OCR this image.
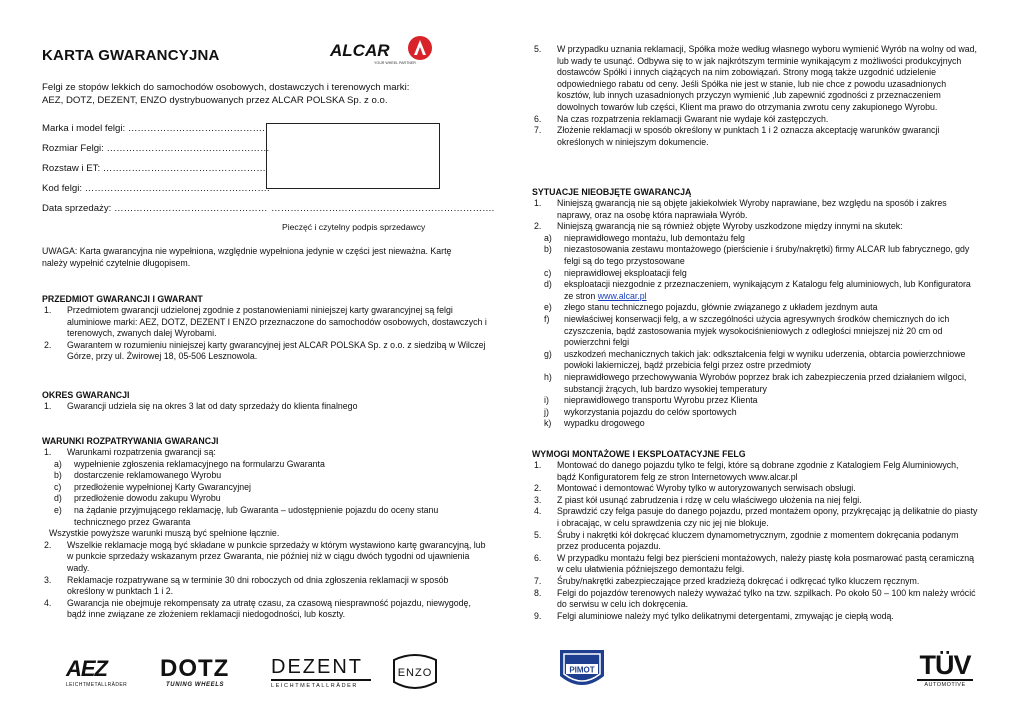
KARTA GWARANCYJNA	ALCAR
YOUR WHEEL PARTNER
Felgi ze stopów lekkich do samochodów osobowych, dostawczych i terenowych marki:
AEZ, DOTZ, DEZENT, ENZO dystrybuowanych przez ALCAR POLSKA Sp. z o.o.
Marka i model felgi: …………………………………….
Rozmiar Felgi: ……………………………………………
Rozstaw i ET: ……………………………………………
Kod felgi: ………………………………………………….
Data sprzedaży: ………………………………………… …………………………………………………………….
Pieczęć i czytelny podpis sprzedawcy
UWAGA: Karta gwarancyjna nie wypełniona, względnie wypełniona jedynie w części jest nieważna. Kartę należy wypełnić czytelnie długopisem.
PRZEDMIOT GWARANCJI I GWARANT
1. Przedmiotem gwarancji udzielonej zgodnie z postanowieniami niniejszej karty gwarancyjnej są felgi aluminiowe marki: AEZ, DOTZ, DEZENT I ENZO przeznaczone do samochodów osobowych, dostawczych i terenowych, zwanych dalej Wyrobami.
2. Gwarantem w rozumieniu niniejszej karty gwarancyjnej jest ALCAR POLSKA Sp. z o.o. z siedzibą w Wilczej Górze, przy ul. Żwirowej 18, 05-506 Lesznowola.
OKRES GWARANCJI
1. Gwarancji udziela się na okres 3 lat od daty sprzedaży do klienta finalnego
WARUNKI ROZPATRYWANIA GWARANCJI
1. Warunkami rozpatrzenia gwarancji są:
a) wypełnienie zgłoszenia reklamacyjnego na formularzu Gwaranta
b) dostarczenie reklamowanego Wyrobu
c) przedłożenie wypełnionej Karty Gwarancyjnej
d) przedłożenie dowodu zakupu Wyrobu
e) na żądanie przyjmującego reklamację, lub Gwaranta – udostępnienie pojazdu do oceny stanu technicznego przez Gwaranta
Wszystkie powyższe warunki muszą być spełnione łącznie.
2. Wszelkie reklamacje mogą być składane w punkcie sprzedaży w którym wystawiono kartę gwarancyjną, lub w punkcie sprzedaży wskazanym przez Gwaranta, nie później niż w ciągu dwóch tygodni od ujawnienia wady.
3. Reklamacje rozpatrywane są w terminie 30 dni roboczych od dnia zgłoszenia reklamacji w sposób określony w punktach 1 i 2.
4. Gwarancja nie obejmuje rekompensaty za utratę czasu, za czasową niesprawność pojazdu, niewygodę, bądź inne związane ze złożeniem reklamacji niedogodności, lub koszty.
AEZ
LEICHTMETALLRÄDER
DOTZ
TUNING WHEELS
DEZENT
LEICHTMETALLRÄDER
ENZO
5. W przypadku uznania reklamacji, Spółka może według własnego wyboru wymienić Wyrób na wolny od wad, lub wady te usunąć. Odbywa się to w jak najkrótszym terminie wynikającym z możliwości produkcyjnych dostawców Spółki i innych ciążących na nim zobowiązań. Strony mogą także uzgodnić udzielenie odpowiedniego rabatu od ceny. Jeśli Spółka nie jest w stanie, lub nie chce z powodu uzasadnionych kosztów, lub innych uzasadnionych przyczyn wymienić ,lub zapewnić zgodności z przeznaczeniem dowolnych towarów lub części, Klient ma prawo do otrzymania zwrotu ceny zakupionego Wyrobu.
6. Na czas rozpatrzenia reklamacji Gwarant nie wydaje kół zastępczych.
7. Złożenie reklamacji w sposób określony w punktach 1 i 2 oznacza akceptację warunków gwarancji określonych w niniejszym dokumencie.
SYTUACJE NIEOBJĘTE GWARANCJĄ
1. Niniejszą gwarancją nie są objęte jakiekolwiek Wyroby naprawiane, bez względu na sposób i zakres naprawy, oraz na osobę która naprawiała Wyrób.
2. Niniejszą gwarancją nie są również objęte Wyroby uszkodzone między innymi na skutek:
a) nieprawidłowego montażu, lub demontażu felg
b) niezastosowania zestawu montażowego (pierścienie i śruby/nakrętki) firmy ALCAR lub fabrycznego, gdy felgi są do tego przystosowane
c) nieprawidłowej eksploatacji felg
d) eksploatacji niezgodnie z przeznaczeniem, wynikającym z Katalogu felg aluminiowych, lub Konfiguratora ze stron www.alcar.pl
e) złego stanu technicznego pojazdu, głównie związanego z układem jezdnym auta
f) niewłaściwej konserwacji felg, a w szczególności użycia agresywnych środków chemicznych do ich czyszczenia, bądź zastosowania myjek wysokociśnieniowych z odległości mniejszej niż 20 cm od powierzchni felgi
g) uszkodzeń mechanicznych takich jak: odkształcenia felgi w wyniku uderzenia, obtarcia powierzchniowe powłoki lakierniczej, bądź przebicia felgi przez ostre przedmioty
h) nieprawidłowego przechowywania Wyrobów poprzez brak ich zabezpieczenia przed działaniem wilgoci, substancji żrących, lub bardzo wysokiej temperatury
i) nieprawidłowego transportu Wyrobu przez Klienta
j) wykorzystania pojazdu do celów sportowych
k) wypadku drogowego
WYMOGI MONTAŻOWE I EKSPLOATACYJNE FELG
1. Montować do danego pojazdu tylko te felgi, które są dobrane zgodnie z Katalogiem Felg Aluminiowych, bądź Konfiguratorem felg ze stron Internetowych www.alcar.pl
2. Montować i demontować Wyroby tylko w autoryzowanych serwisach obsługi.
3. Z piast kół usunąć zabrudzenia i rdzę w celu właściwego ułożenia na niej felgi.
4. Sprawdzić czy felga pasuje do danego pojazdu, przed montażem opony, przykręcając ją delikatnie do piasty i obracając, w celu sprawdzenia czy nic jej nie blokuje.
5. Śruby i nakrętki kół dokręcać kluczem dynamometrycznym, zgodnie z momentem dokręcania podanym przez producenta pojazdu.
6. W przypadku montażu felgi bez pierścieni montażowych, należy piastę koła posmarować pastą ceramiczną w celu ułatwienia późniejszego demontażu felgi.
7. Śruby/nakrętki zabezpieczające przed kradzieżą dokręcać i odkręcać tylko kluczem ręcznym.
8. Felgi do pojazdów terenowych należy wyważać tylko na tzw. szpilkach. Po około 50 – 100 km należy wrócić do serwisu w celu ich dokręcenia.
9. Felgi aluminiowe należy myć tylko delikatnymi detergentami, zmywając je ciepłą wodą.
PIMOT	TÜV
AUTOMOTIVE
